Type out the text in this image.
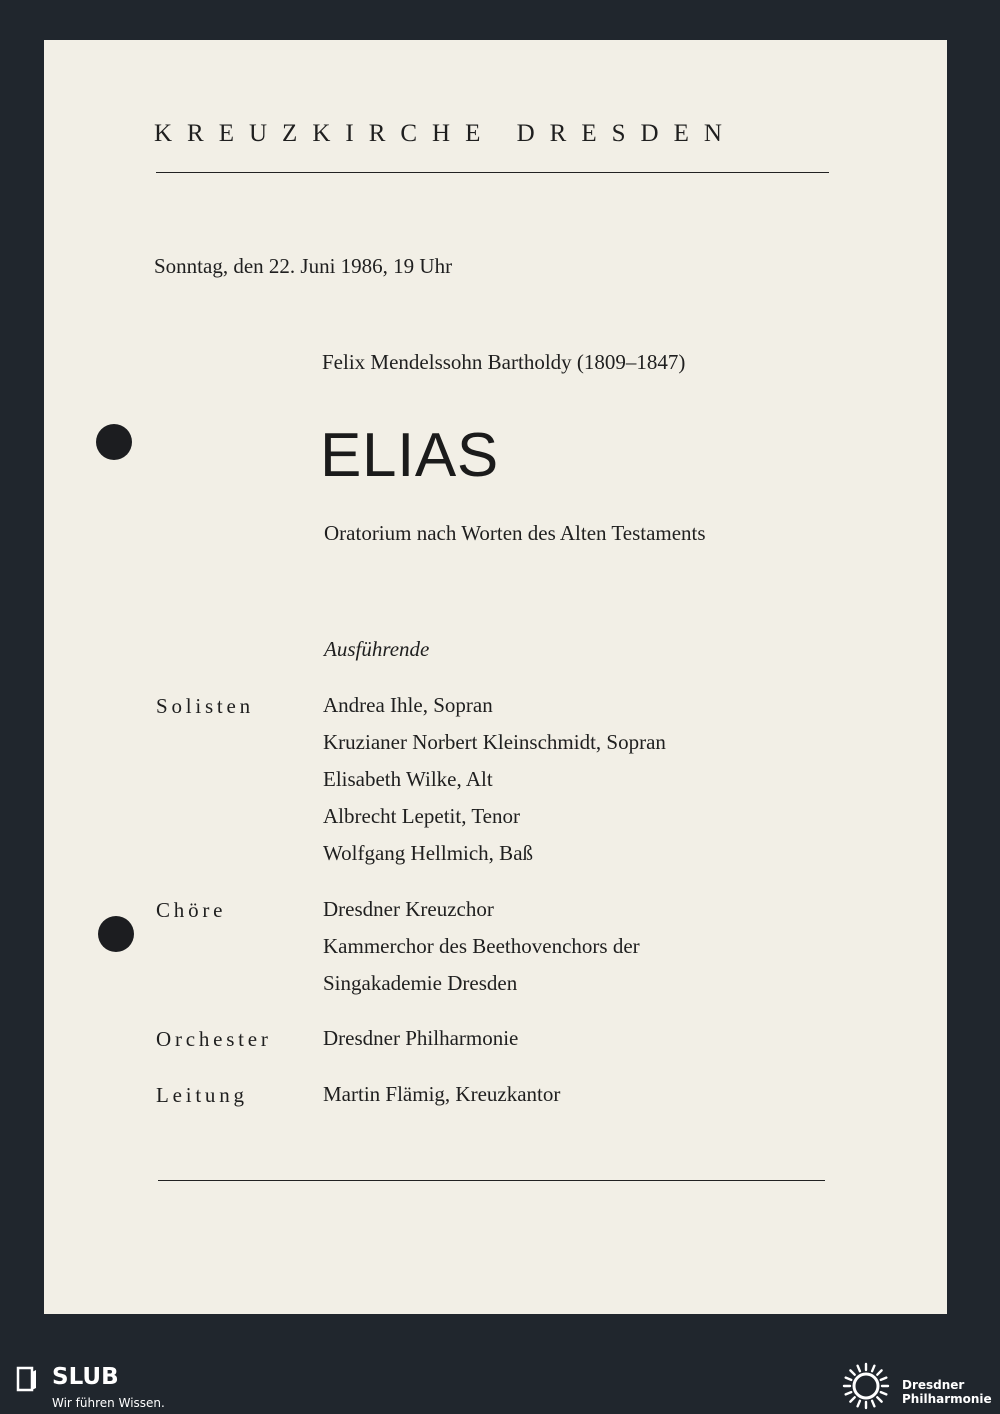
KREUZKIRCHE DRESDEN
Sonntag, den 22. Juni 1986, 19 Uhr
Felix Mendelssohn Bartholdy (1809–1847)
ELIAS
Oratorium nach Worten des Alten Testaments
Ausführende
Solisten	Andrea Ihle, Sopran
Kruzianer Norbert Kleinschmidt, Sopran
Elisabeth Wilke, Alt
Albrecht Lepetit, Tenor
Wolfgang Hellmich, Baß
Chöre	Dresdner Kreuzchor
Kammerchor des Beethovenchors der
Singakademie Dresden
Orchester Dresdner Philharmonie
Leitung	Martin Flämig, Kreuzkantor
SLUB
Wir führen Wissen.
Dresdner
Philharmonie
